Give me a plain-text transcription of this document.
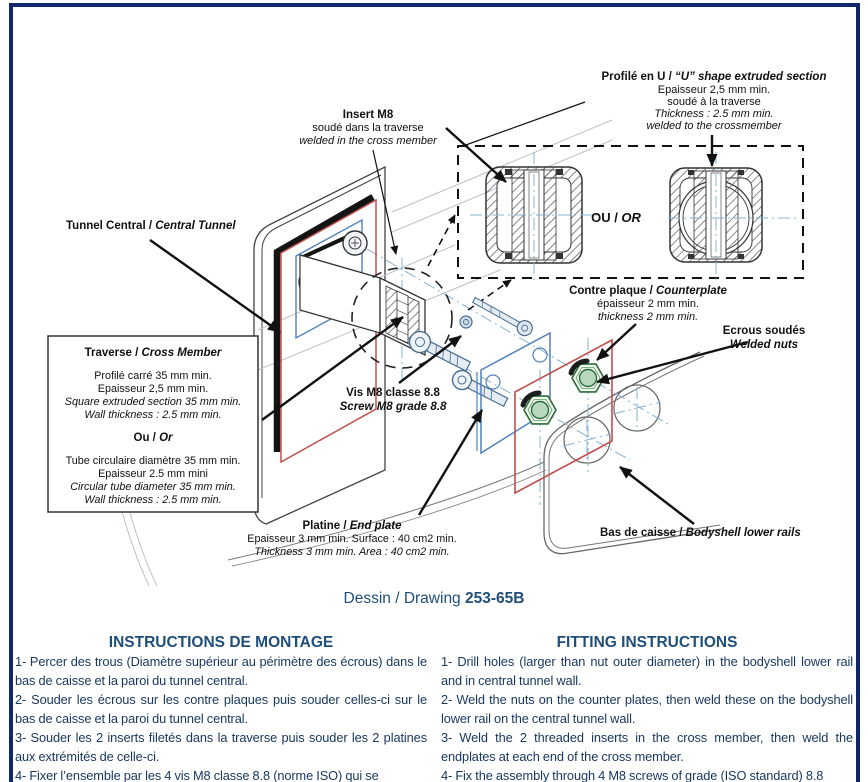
OU / OR
Insert M8
soudé dans la traverse
welded in the cross member
Profilé en U / “U” shape extruded section
Epaisseur 2,5 mm min.
soudé à la traverse
Thickness : 2.5 mm min.
welded to the crossmember
Tunnel Central / Central Tunnel
Traverse / Cross Member
Profilé carré 35 mm min.
Epaisseur 2,5 mm min.
Square extruded section 35 mm min.
Wall thickness : 2.5 mm min.
Ou / Or
Tube circulaire diamètre 35 mm min.
Epaisseur 2.5 mm mini
Circular tube diameter 35 mm min.
Wall thickness : 2.5 mm min.
Vis M8 classe 8.8
Screw M8 grade 8.8
Contre plaque / Counterplate
épaisseur 2 mm min.
thickness 2 mm min.
Ecrous soudés
Welded nuts
Platine / End plate
Epaisseur 3 mm min. Surface : 40 cm2 min.
Thickness 3 mm min. Area : 40 cm2 min.
Bas de caisse / Bodyshell lower rails
Dessin / Drawing 253-65B
INSTRUCTIONS DE MONTAGE
1- Percer des trous (Diamètre supérieur au périmètre des écrous) dans le bas de caisse et la paroi du tunnel central.
2- Souder les écrous sur les contre plaques puis souder celles-ci sur le bas de caisse et la paroi du tunnel central.
3- Souder les 2 inserts filetés dans la traverse puis souder les 2 platines aux extrémités de celle-ci.
4- Fixer l’ensemble par les 4 vis M8 classe 8.8 (norme ISO) qui se
FITTING INSTRUCTIONS
1- Drill holes (larger than nut outer diameter) in the bodyshell lower rail and in central tunnel wall.
2- Weld the nuts on the counter plates, then weld these on the bodyshell lower rail on the central tunnel wall.
3- Weld the 2 threaded inserts in the cross member, then weld the endplates at each end of the cross member.
4- Fix the assembly through 4 M8 screws of grade (ISO standard) 8.8
